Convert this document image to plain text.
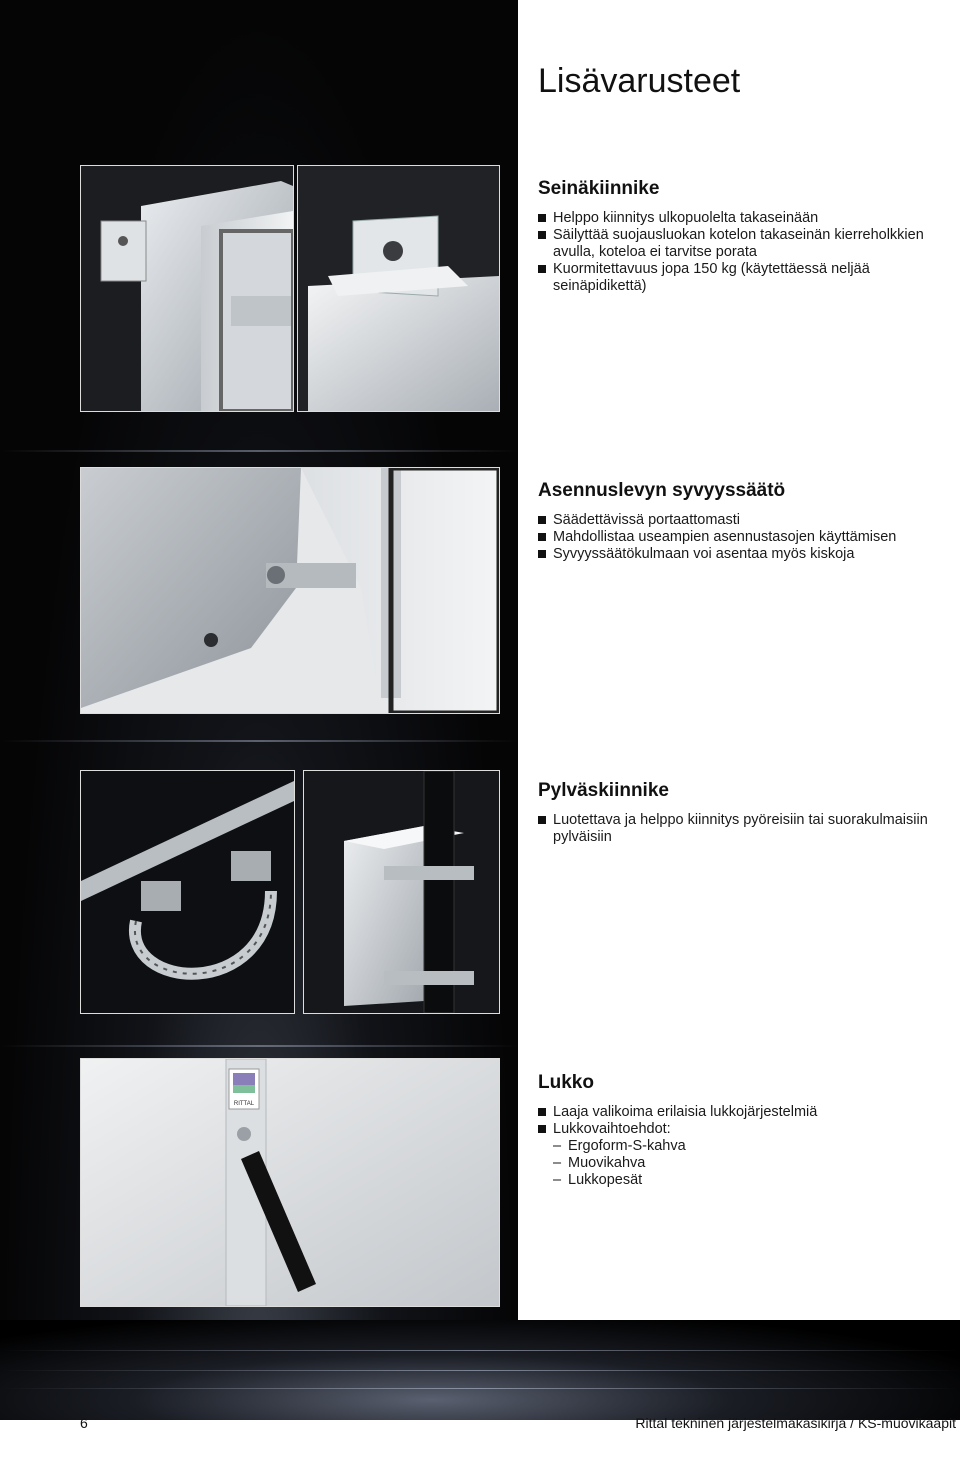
RITTAL
Lisävarusteet
Seinäkiinnike
Helppo kiinnitys ulkopuolelta takaseinään
Säilyttää suojausluokan kotelon takaseinän kierreholkkien avulla, koteloa ei tarvitse porata
Kuormitettavuus jopa 150 kg (käytettäessä neljää seinäpidikettä)
Asennuslevyn syvyyssäätö
Säädettävissä portaattomasti
Mahdollistaa useampien asennustasojen käyttämisen
Syvyyssäätökulmaan voi asentaa myös kiskoja
Pylväskiinnike
Luotettava ja helppo kiinnitys pyöreisiin tai suorakulmaisiin pylväisiin
Lukko
Laaja valikoima erilaisia lukkojärjestelmiä
Lukkovaihtoehdot:
– Ergoform-S-kahva
– Muovikahva
– Lukkopesät
6	Rittal tekninen järjestelmäkäsikirja / KS-muovikaapit
